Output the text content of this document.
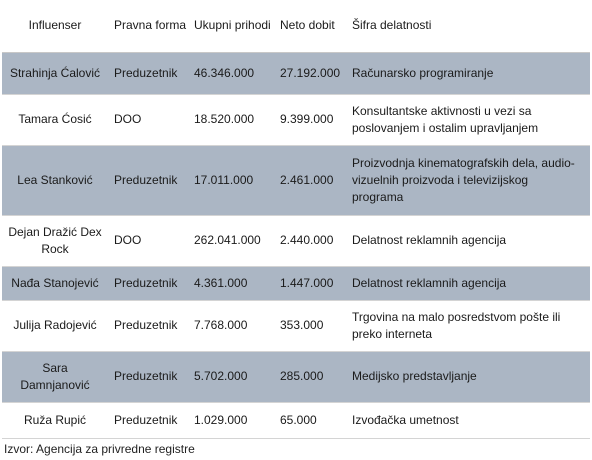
Influenser	Pravna forma	Ukupni prihodi	Neto dobit	Šifra delatnosti
Strahinja Ćalović	Preduzetnik	46.346.000	27.192.000	Računarsko programiranje
Tamara Ćosić	DOO	18.520.000	9.399.000	Konsultantske aktivnosti u vezi sa poslovanjem i ostalim upravljanjem
Lea Stanković	Preduzetnik	17.011.000	2.461.000	Proizvodnja kinematografskih dela, audio-vizuelnih proizvoda i televizijskog programa
Dejan Dražić Dex Rock	DOO	262.041.000	2.440.000	Delatnost reklamnih agencija
Nađa Stanojević	Preduzetnik	4.361.000	1.447.000	Delatnost reklamnih agencija
Julija Radojević	Preduzetnik	7.768.000	353.000	Trgovina na malo posredstvom pošte ili preko interneta
Sara Damnjanović	Preduzetnik	5.702.000	285.000	Medijsko predstavljanje
Ruža Rupić	Preduzetnik	1.029.000	65.000	Izvođačka umetnost
Izvor: Agencija za privredne registre
